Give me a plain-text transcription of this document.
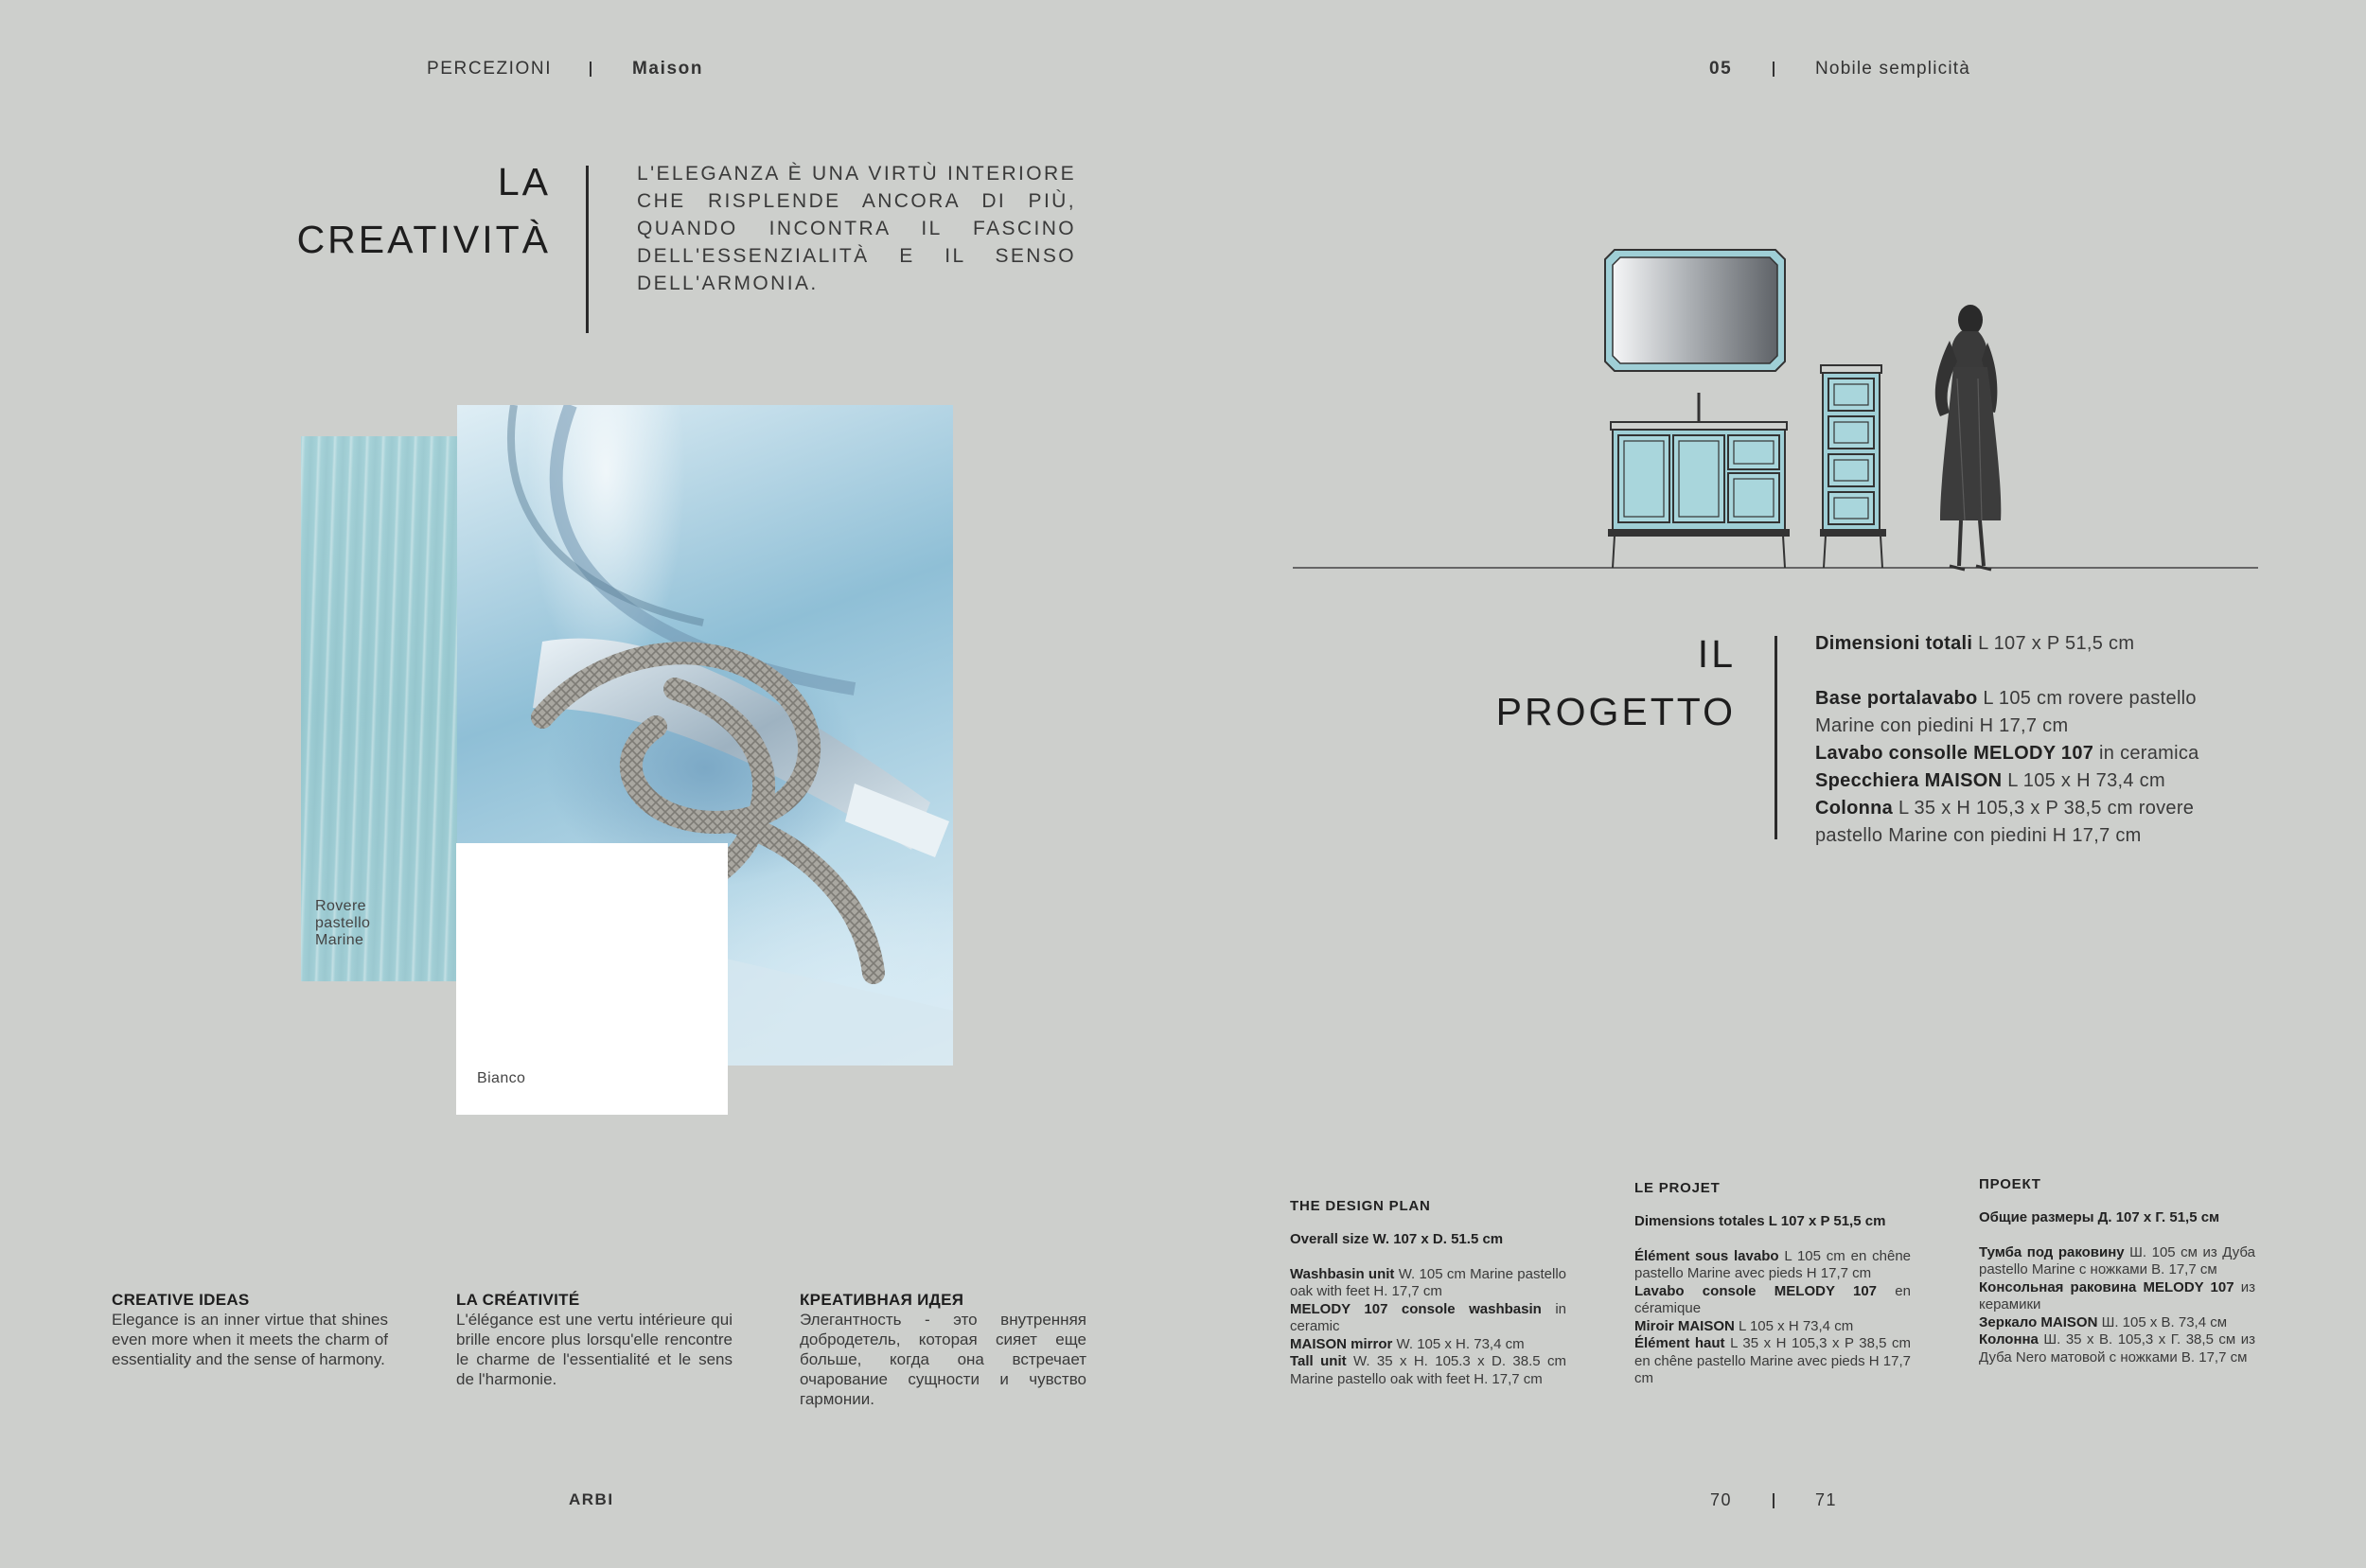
PERCEZIONI	Maison	05	Nobile semplicità
LA
CREATIVITÀ
L'ELEGANZA È UNA VIRTÙ INTERIORE CHE RISPLENDE ANCORA DI PIÙ, QUANDO INCONTRA IL FASCINO DELL'ESSENZIALITÀ E IL SENSO DELL'ARMONIA.
Rovere
pastello
Marine
Bianco
CREATIVE IDEAS
Elegance is an inner virtue that shines even more when it meets the charm of essentiality and the sense of harmony.
LA CRÉATIVITÉ
L'élégance est une vertu intérieure qui brille encore plus lorsqu'elle rencontre le charme de l'essentialité et le sens de l'harmonie.
КРЕАТИВНАЯ ИДЕЯ
Элегантность - это внутренняя добродетель, которая сияет еще больше, когда она встречает очарование сущности и чувство гармонии.
IL
PROGETTO
Dimensioni totali L 107 x P 51,5 cm
Base portalavabo L 105 cm rovere pastello Marine con piedini H 17,7 cm
Lavabo consolle MELODY 107 in ceramica
Specchiera MAISON L 105 x H 73,4 cm
Colonna L 35 x H 105,3 x P 38,5 cm rovere pastello Marine con piedini H 17,7 cm
THE DESIGN PLAN
Overall size W. 107 x D. 51.5 cm

Washbasin unit W. 105 cm Marine pastello oak with feet H. 17,7 cm

MELODY 107 console washbasin in ceramic

MAISON mirror W. 105 x H. 73,4 cm

Tall unit W. 35 x H. 105.3 x D. 38.5 cm Marine pastello oak with feet H. 17,7 cm

LE PROJET
Dimensions totales L 107 x P 51,5 cm

Élément sous lavabo L 105 cm en chêne pastello Marine avec pieds H 17,7 cm

Lavabo console MELODY 107 en céramique

Miroir MAISON L 105 x H 73,4 cm

Élément haut L 35 x H 105,3 x P 38,5 cm en chêne pastello Marine avec pieds H 17,7 cm

ПРОЕКТ
Общие размеры Д. 107 x Г. 51,5 см

Тумба под раковину Ш. 105 см из Дуба pastello Marine с ножками В. 17,7 см

Консольная раковина MELODY 107 из керамики

Зеркало MAISON Ш. 105 x В. 73,4 см

Колонна Ш. 35 x В. 105,3 x Г. 38,5 см из Дуба Nero матовой с ножками В. 17,7 см

ARBI	70	71
